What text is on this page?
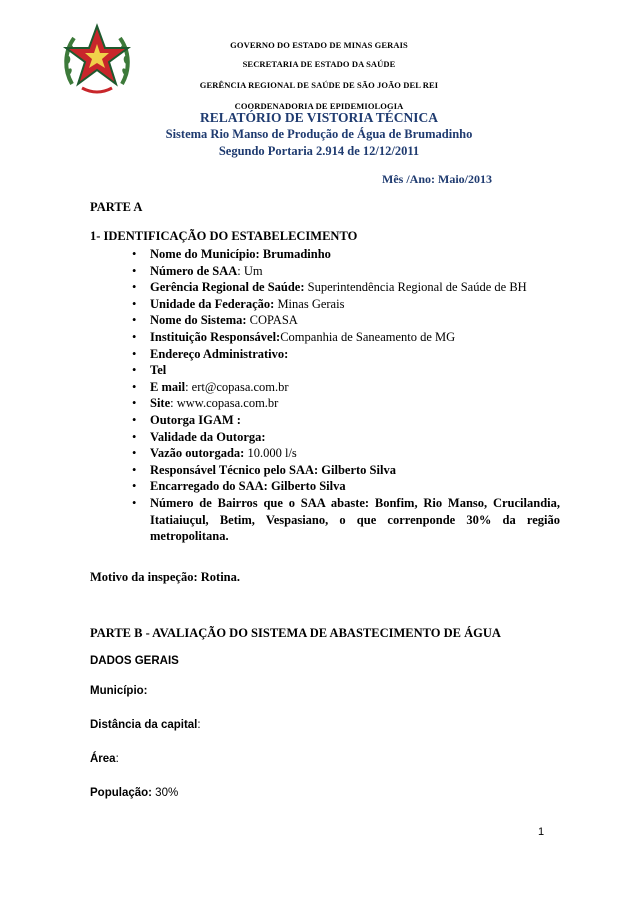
GOVERNO DO ESTADO DE MINAS GERAIS
SECRETARIA DE ESTADO DA SAÚDE
GERÊNCIA REGIONAL DE SAÚDE DE SÃO JOÃO DEL REI
COORDENADORIA DE EPIDEMIOLOGIA
RELATÓRIO DE VISTORIA TÉCNICA
Sistema Rio Manso de Produção de Água de Brumadinho
Segundo Portaria 2.914 de 12/12/2011
Mês /Ano: Maio/2013
PARTE A
1- IDENTIFICAÇÃO DO ESTABELECIMENTO
• Nome do Município: Brumadinho
• Número de SAA: Um
• Gerência Regional de Saúde: Superintendência Regional de Saúde de BH
• Unidade da Federação: Minas Gerais
• Nome do Sistema: COPASA
• Instituição Responsável:Companhia de Saneamento de MG
• Endereço Administrativo:
• Tel
• E mail: ert@copasa.com.br
• Site: www.copasa.com.br
• Outorga IGAM :
• Validade da Outorga:
• Vazão outorgada: 10.000 l/s
• Responsável Técnico pelo SAA: Gilberto Silva
• Encarregado do SAA: Gilberto Silva
• Número de Bairros que o SAA abaste: Bonfim, Rio Manso, Crucilandia, Itatiaiuçul, Betim, Vespasiano, o que correnponde 30% da região metropolitana.
Motivo da inspeção: Rotina.
PARTE B - AVALIAÇÃO DO SISTEMA DE ABASTECIMENTO DE ÁGUA
DADOS GERAIS
Município:
Distância da capital:
Área:
População: 30%
1
